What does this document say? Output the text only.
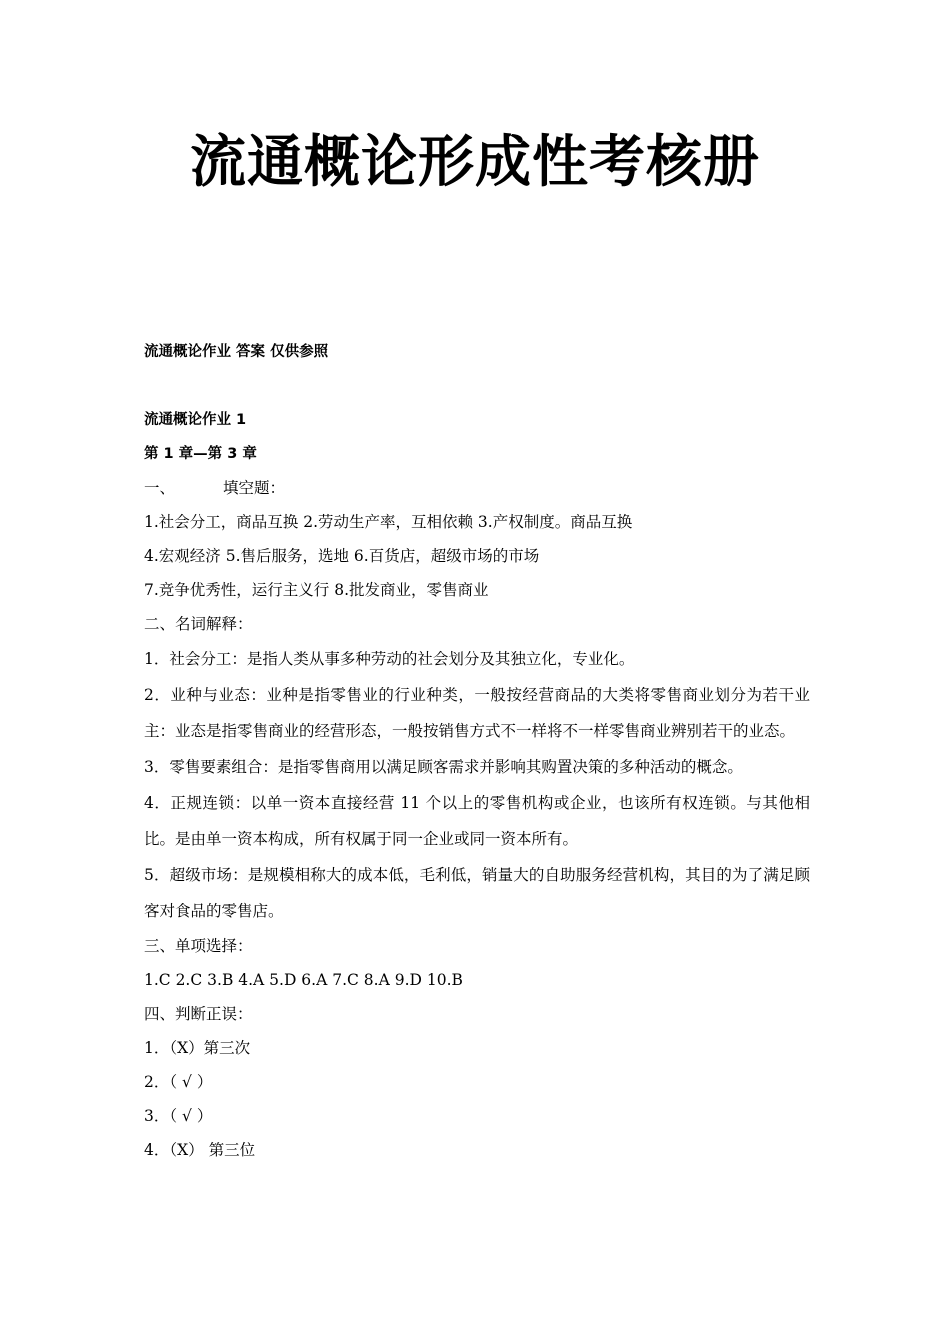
流通概论形成性考核册
流通概论作业 答案 仅供参照
流通概论作业 1
第 1 章—第 3 章
一、	填空题：
1.社会分工，商品互换 2.劳动生产率，互相依赖 3.产权制度。商品互换
4.宏观经济 5.售后服务，选地 6.百货店，超级市场的市场
7.竞争优秀性，运行主义行 8.批发商业，零售商业
二、名词解释：
1．社会分工：是指人类从事多种劳动的社会划分及其独立化，专业化。
2．业种与业态：业种是指零售业的行业种类，一般按经营商品的大类将零售商业划分为若干业主：业态是指零售商业的经营形态，一般按销售方式不一样将不一样零售商业辨别若干的业态。
3．零售要素组合：是指零售商用以满足顾客需求并影响其购置决策的多种活动的概念。
4．正规连锁：以单一资本直接经营 11 个以上的零售机构或企业，也该所有权连锁。与其他相比。是由单一资本构成，所有权属于同一企业或同一资本所有。
5．超级市场：是规模相称大的成本低，毛利低，销量大的自助服务经营机构，其目的为了满足顾客对食品的零售店。
三、单项选择：
1.C 2.C 3.B 4.A 5.D 6.A 7.C 8.A 9.D 10.B
四、判断正误：
1．（X）第三次
2．（ √ ）
3．（ √ ）
4．（X） 第三位
